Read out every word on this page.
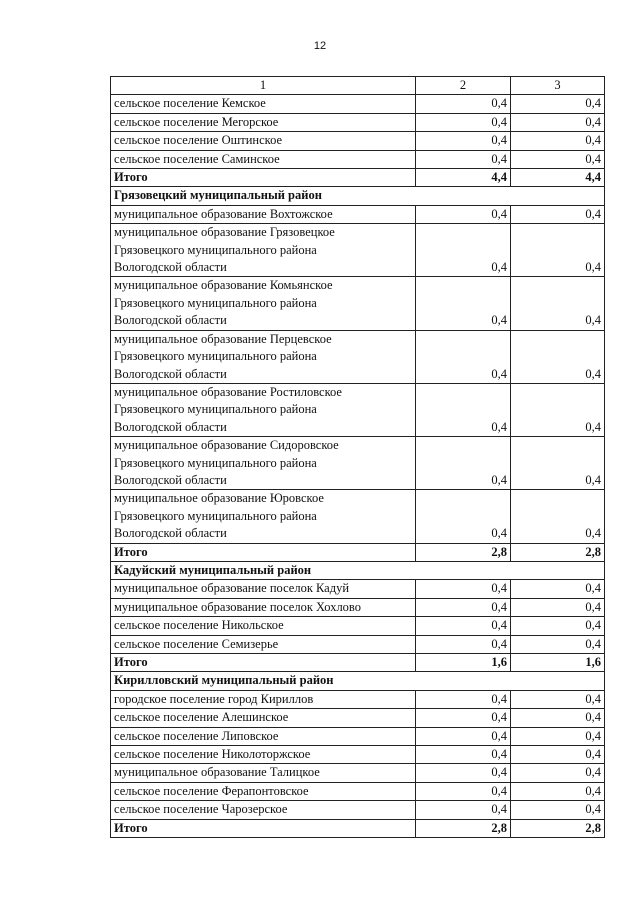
12
1	2	3
сельское поселение Кемское	0,4	0,4
сельское поселение Мегорское	0,4	0,4
сельское поселение Оштинское	0,4	0,4
сельское поселение Саминское	0,4	0,4
Итого	4,4	4,4
Грязовецкий муниципальный район		
муниципальное образование Вохтожское	0,4	0,4
муниципальное образование Грязовецкое
Грязовецкого муниципального района
Вологодской области	0,4	0,4
муниципальное образование Комьянское
Грязовецкого муниципального района
Вологодской области	0,4	0,4
муниципальное образование Перцевское
Грязовецкого муниципального района
Вологодской области	0,4	0,4
муниципальное образование Ростиловское
Грязовецкого муниципального района
Вологодской области	0,4	0,4
муниципальное образование Сидоровское
Грязовецкого муниципального района
Вологодской области	0,4	0,4
муниципальное образование Юровское
Грязовецкого муниципального района
Вологодской области	0,4	0,4
Итого	2,8	2,8
Кадуйский муниципальный район		
муниципальное образование поселок Кадуй	0,4	0,4
муниципальное образование поселок Хохлово	0,4	0,4
сельское поселение Никольское	0,4	0,4
сельское поселение Семизерье	0,4	0,4
Итого	1,6	1,6
Кирилловский муниципальный район		
городское поселение город Кириллов	0,4	0,4
сельское поселение Алешинское	0,4	0,4
сельское поселение Липовское	0,4	0,4
сельское поселение Николоторжское	0,4	0,4
муниципальное образование Талицкое	0,4	0,4
сельское поселение Ферапонтовское	0,4	0,4
сельское поселение Чарозерское	0,4	0,4
Итого	2,8	2,8
